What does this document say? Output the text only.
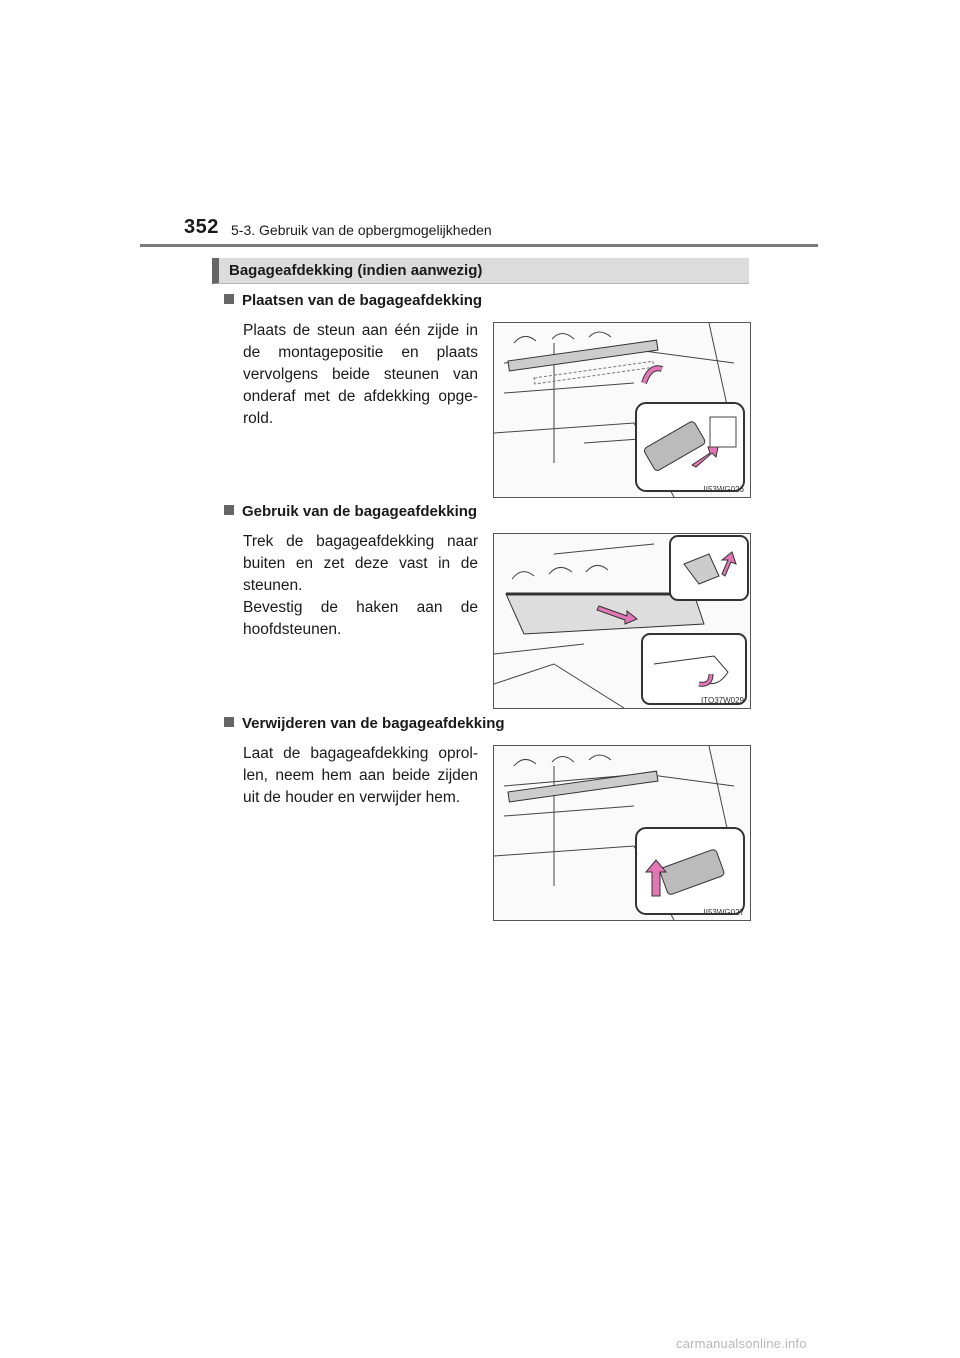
352 5-3. Gebruik van de opbergmogelijkheden
Bagageafdekking (indien aanwezig)
Plaatsen van de bagageafdekking

Plaats de steun aan één zijde in de montagepositie en plaats vervolgens beide steunen van onderaf met de afdekking opge-rold.

II53WG026
Gebruik van de bagageafdekking

Trek de bagageafdekking naar buiten en zet deze vast in de steunen.

Bevestig de haken aan de hoofdsteunen.

ITO37W029
Verwijderen van de bagageafdekking

Laat de bagageafdekking oprol-len, neem hem aan beide zijden uit de houder en verwijder hem.

II53WG027
carmanualsonline.info
